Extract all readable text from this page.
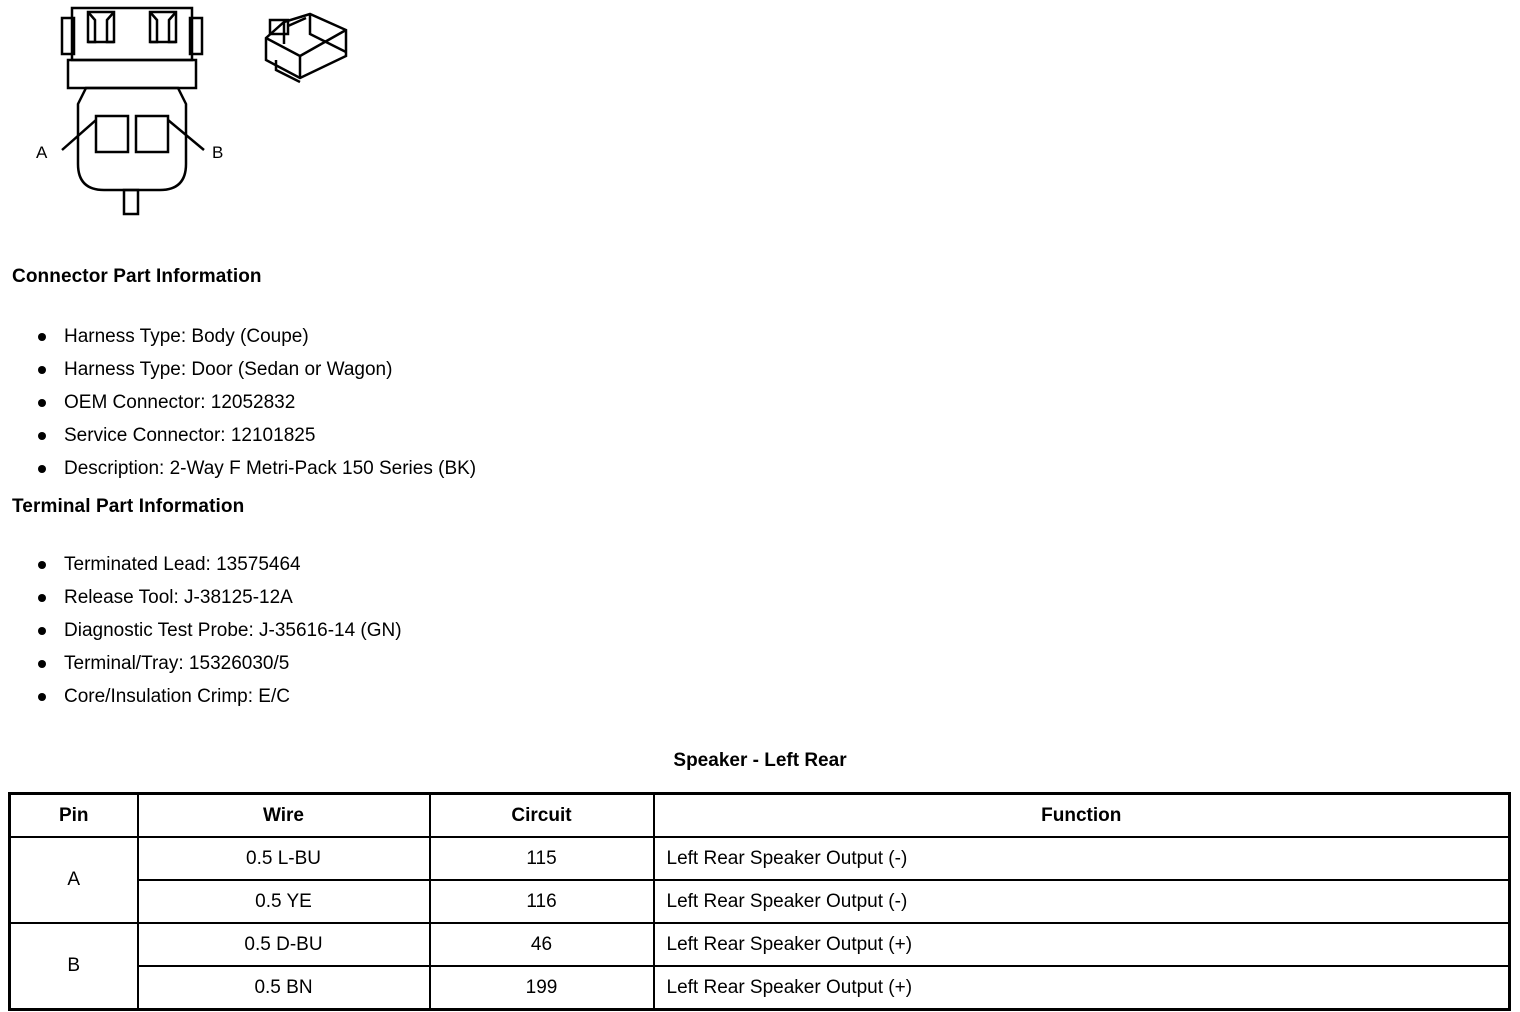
A	B
Connector Part Information
Harness Type: Body (Coupe)
Harness Type: Door (Sedan or Wagon)
OEM Connector: 12052832
Service Connector: 12101825
Description: 2-Way F Metri-Pack 150 Series (BK)
Terminal Part Information
Terminated Lead: 13575464
Release Tool: J-38125-12A
Diagnostic Test Probe: J-35616-14 (GN)
Terminal/Tray: 15326030/5
Core/Insulation Crimp: E/C
Speaker - Left Rear
Pin	Wire	Circuit	Function
A	0.5 L-BU	115	Left Rear Speaker Output (-)
	0.5 YE	116	Left Rear Speaker Output (-)
B	0.5 D-BU	46	Left Rear Speaker Output (+)
	0.5 BN	199	Left Rear Speaker Output (+)
